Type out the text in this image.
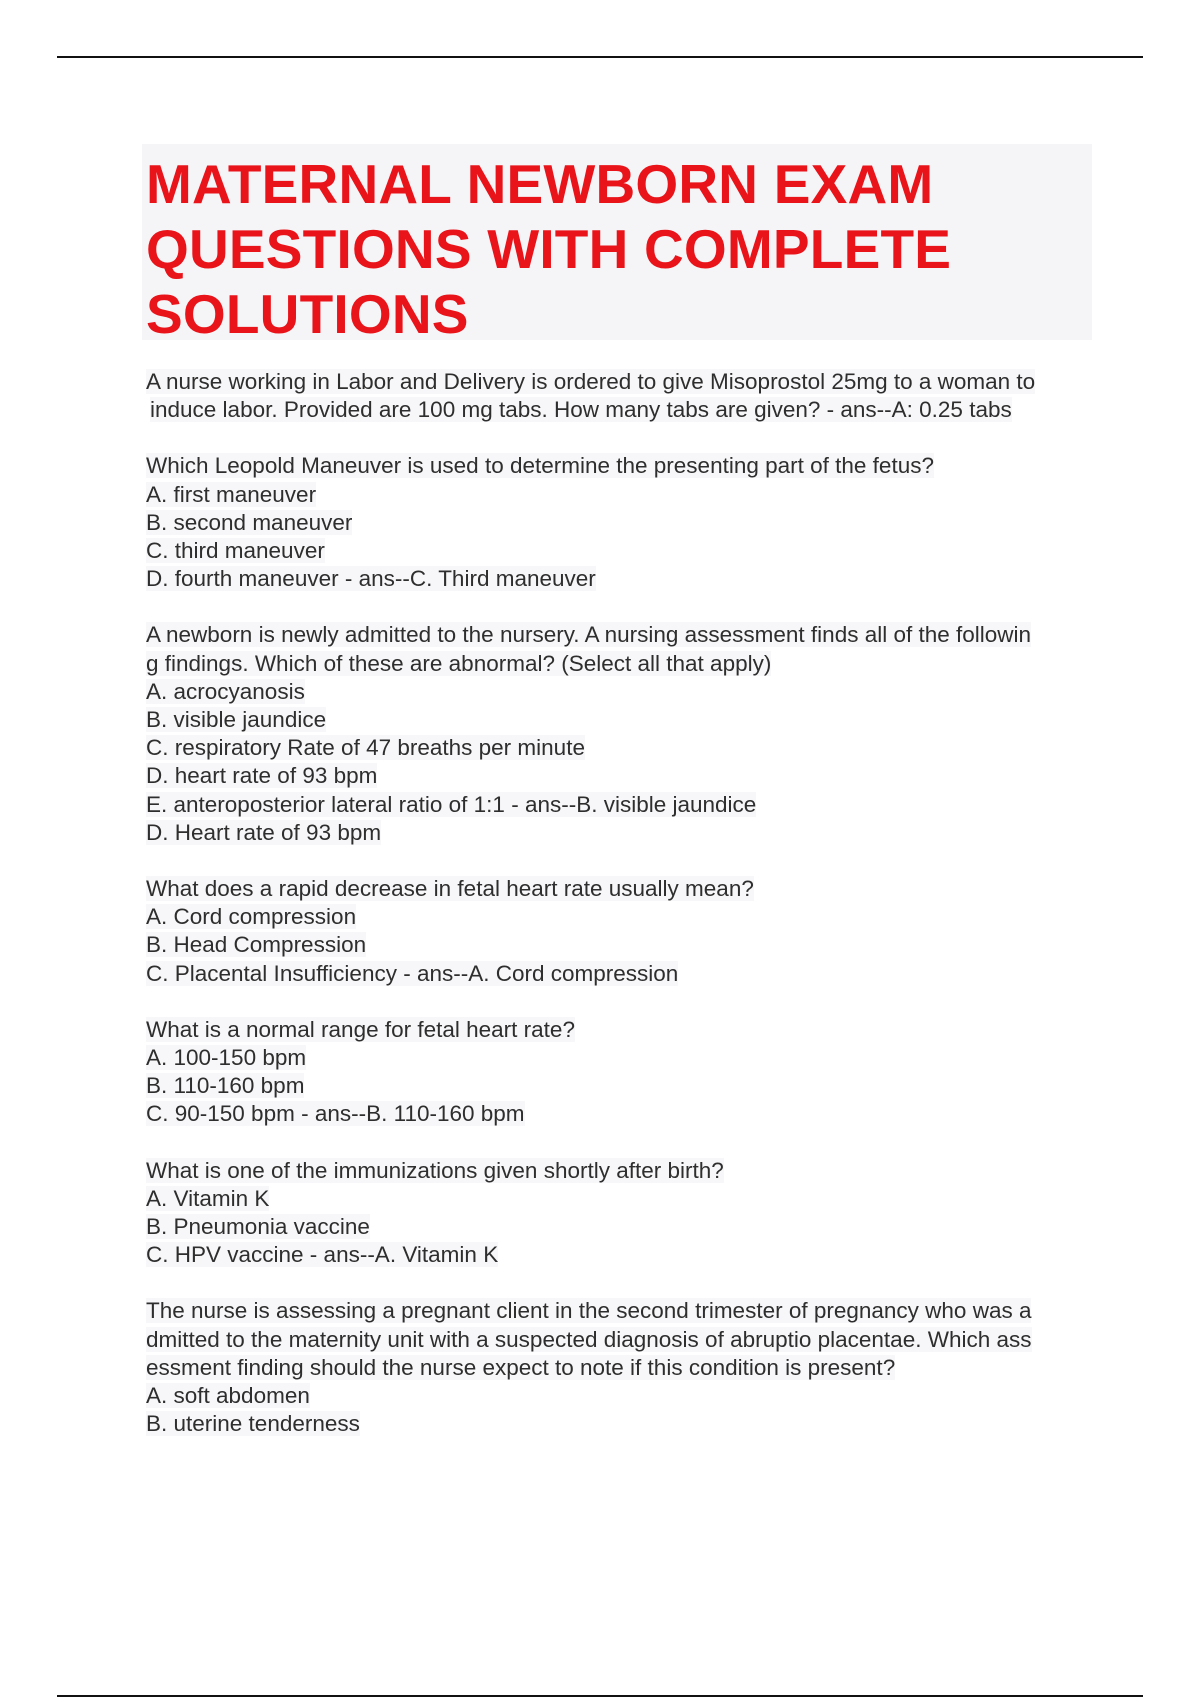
MATERNAL NEWBORN EXAM
QUESTIONS WITH COMPLETE
SOLUTIONS
A nurse working in Labor and Delivery is ordered to give Misoprostol 25mg to a woman to
induce labor. Provided are 100 mg tabs. How many tabs are given? - ans--A: 0.25 tabs
Which Leopold Maneuver is used to determine the presenting part of the fetus?
A. first maneuver
B. second maneuver
C. third maneuver
D. fourth maneuver - ans--C. Third maneuver
A newborn is newly admitted to the nursery. A nursing assessment finds all of the followin
g findings. Which of these are abnormal? (Select all that apply)
A. acrocyanosis
B. visible jaundice
C. respiratory Rate of 47 breaths per minute
D. heart rate of 93 bpm
E. anteroposterior lateral ratio of 1:1 - ans--B. visible jaundice
D. Heart rate of 93 bpm
What does a rapid decrease in fetal heart rate usually mean?
A. Cord compression
B. Head Compression
C. Placental Insufficiency - ans--A. Cord compression
What is a normal range for fetal heart rate?
A. 100-150 bpm
B. 110-160 bpm
C. 90-150 bpm - ans--B. 110-160 bpm
What is one of the immunizations given shortly after birth?
A. Vitamin K
B. Pneumonia vaccine
C. HPV vaccine - ans--A. Vitamin K
The nurse is assessing a pregnant client in the second trimester of pregnancy who was a
dmitted to the maternity unit with a suspected diagnosis of abruptio placentae. Which ass
essment finding should the nurse expect to note if this condition is present?
A. soft abdomen
B. uterine tenderness
